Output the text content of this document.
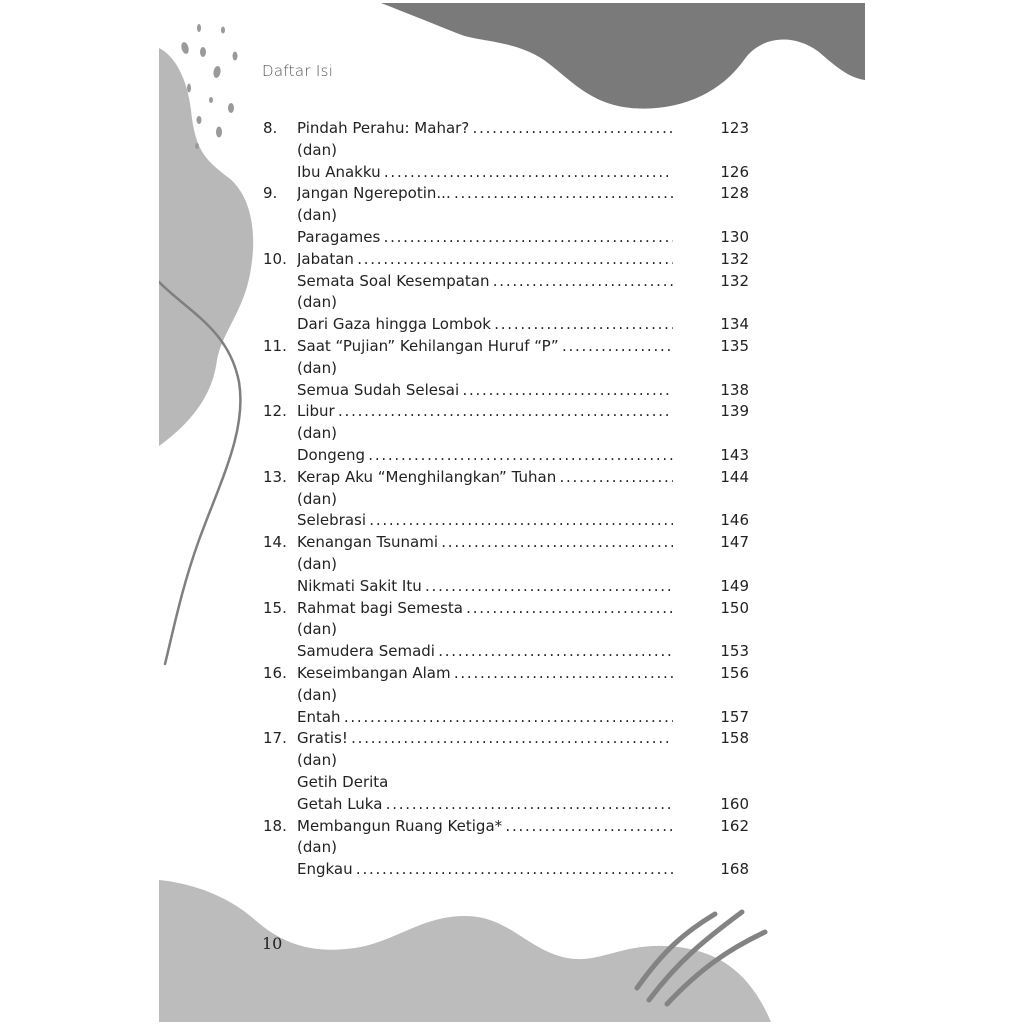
Daftar Isi
8. Pindah Perahu: Mahar? . . .	123
(dan)
Ibu Anakku . . .	126
9. Jangan Ngerepotin... . . .	128
(dan)
Paragames . . .	130
10. Jabatan . . .	132
Semata Soal Kesempatan . . .	132
(dan)
Dari Gaza hingga Lombok . . .	134
11. Saat “Pujian” Kehilangan Huruf “P” . . .	135
(dan)
Semua Sudah Selesai . . .	138
12. Libur . . .	139
(dan)
Dongeng . . .	143
13. Kerap Aku “Menghilangkan” Tuhan . . .	144
(dan)
Selebrasi . . .	146
14. Kenangan Tsunami . . .	147
(dan)
Nikmati Sakit Itu . . .	149
15. Rahmat bagi Semesta . . .	150
(dan)
Samudera Semadi . . .	153
16. Keseimbangan Alam . . .	156
(dan)
Entah . . .	157
17. Gratis! . . .	158
(dan)
Getih Derita
Getah Luka . . .	160
18. Membangun Ruang Ketiga* . . .	162
(dan)
Engkau . . .	168
10
